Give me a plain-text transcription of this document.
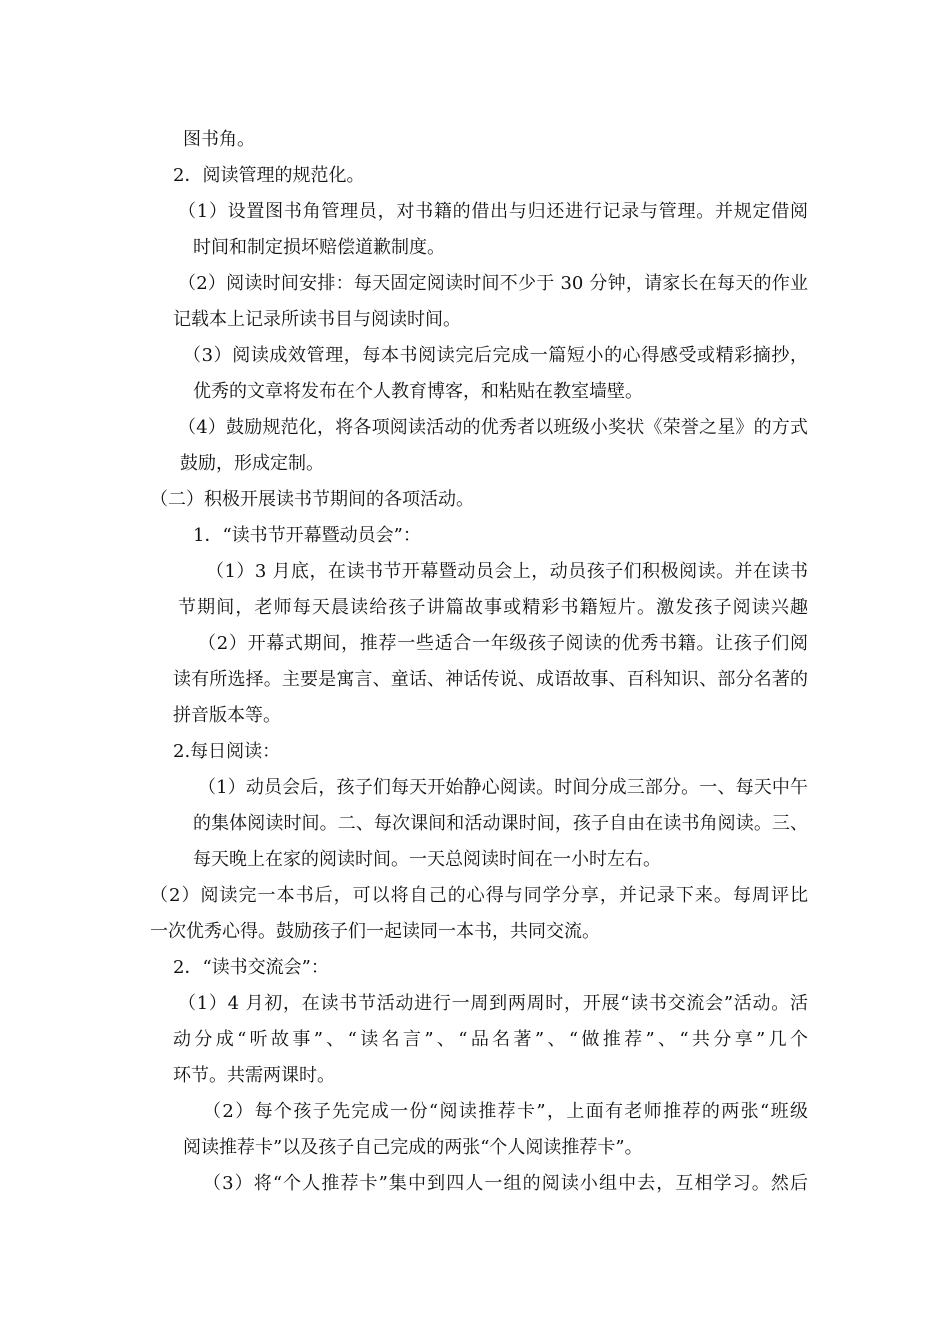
图书角。
2．阅读管理的规范化。
（1）设置图书角管理员，对书籍的借出与归还进行记录与管理。并规定借阅
时间和制定损坏赔偿道歉制度。
（2）阅读时间安排：每天固定阅读时间不少于 30 分钟，请家长在每天的作业
记载本上记录所读书目与阅读时间。
（3）阅读成效管理，每本书阅读完后完成一篇短小的心得感受或精彩摘抄，
优秀的文章将发布在个人教育博客，和粘贴在教室墙壁。
（4）鼓励规范化，将各项阅读活动的优秀者以班级小奖状《荣誉之星》的方式
鼓励，形成定制。
（二）积极开展读书节期间的各项活动。
1．“读书节开幕暨动员会”：
（1）3 月底，在读书节开幕暨动员会上，动员孩子们积极阅读。并在读书
节期间，老师每天晨读给孩子讲篇故事或精彩书籍短片。激发孩子阅读兴趣
（2）开幕式期间，推荐一些适合一年级孩子阅读的优秀书籍。让孩子们阅
读有所选择。主要是寓言、童话、神话传说、成语故事、百科知识、部分名著的
拼音版本等。
2.每日阅读：
（1）动员会后，孩子们每天开始静心阅读。时间分成三部分。一、每天中午
的集体阅读时间。二、每次课间和活动课时间，孩子自由在读书角阅读。三、
每天晚上在家的阅读时间。一天总阅读时间在一小时左右。
（2）阅读完一本书后，可以将自己的心得与同学分享，并记录下来。每周评比
一次优秀心得。鼓励孩子们一起读同一本书，共同交流。
2．“读书交流会”：
（1）4 月初，在读书节活动进行一周到两周时，开展“读书交流会”活动。活
动分成“听故事”、“读名言”、“品名著”、“做推荐”、“共分享”几个
环节。共需两课时。
（2）每个孩子先完成一份“阅读推荐卡”，上面有老师推荐的两张“班级
阅读推荐卡”以及孩子自己完成的两张“个人阅读推荐卡”。
（3）将“个人推荐卡”集中到四人一组的阅读小组中去，互相学习。然后
